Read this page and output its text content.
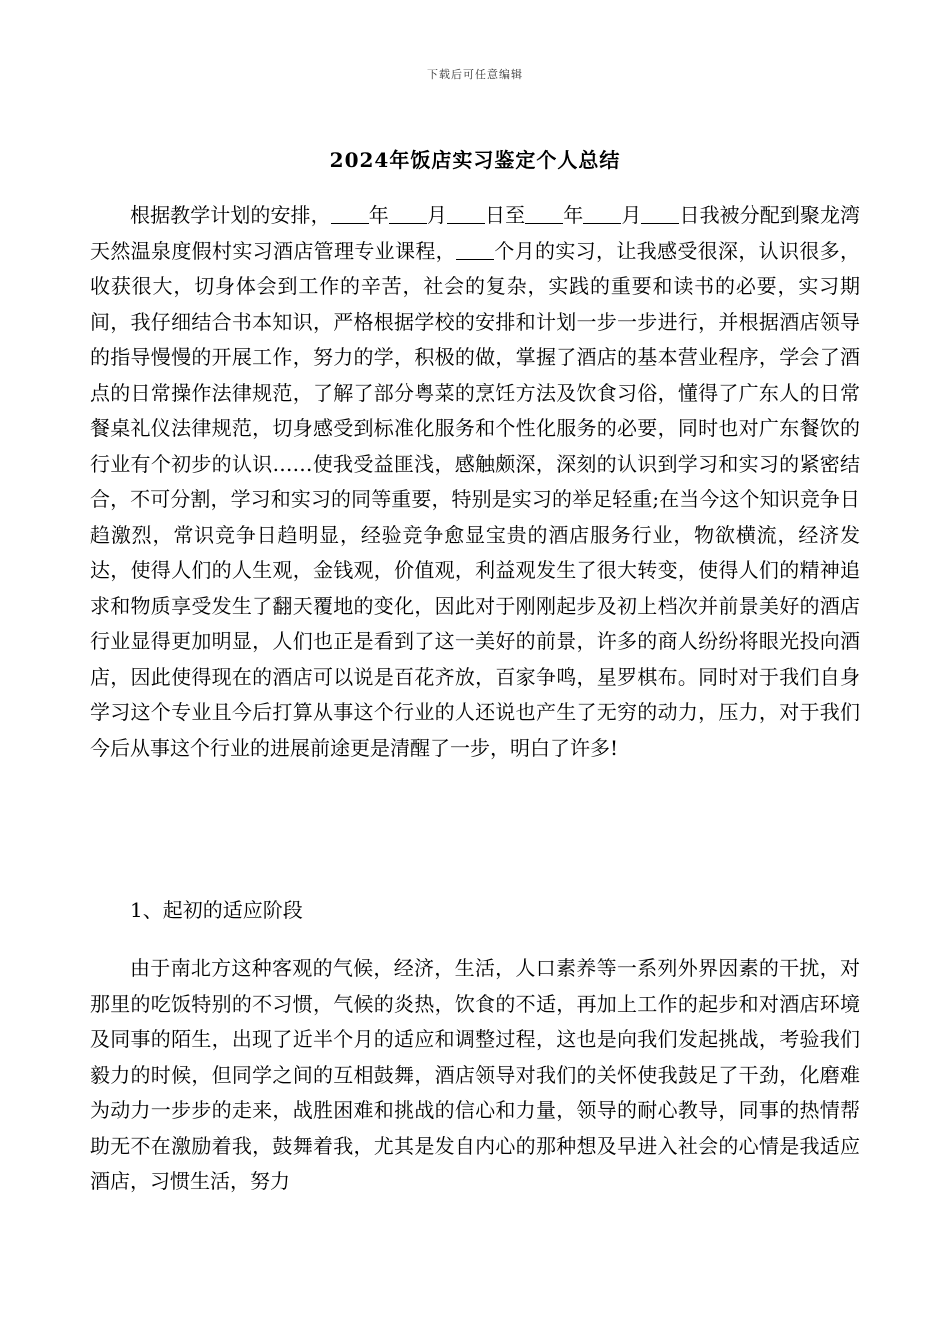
下载后可任意编辑
2024年饭店实习鉴定个人总结

根据教学计划的安排， 年 月 日至 年 月 日我被分配到聚龙湾天然温泉度假村实习酒店管理专业课程， 个月的实习，让我感受很深，认识很多，收获很大，切身体会到工作的辛苦，社会的复杂，实践的重要和读书的必要，实习期间，我仔细结合书本知识，严格根据学校的安排和计划一步一步进行，并根据酒店领导的指导慢慢的开展工作，努力的学，积极的做，掌握了酒店的基本营业程序，学会了酒点的日常操作法律规范，了解了部分粤菜的烹饪方法及饮食习俗，懂得了广东人的日常餐桌礼仪法律规范，切身感受到标准化服务和个性化服务的必要，同时也对广东餐饮的行业有个初步的认识……使我受益匪浅，感触颇深，深刻的认识到学习和实习的紧密结合，不可分割，学习和实习的同等重要，特别是实习的举足轻重;在当今这个知识竞争日趋激烈，常识竞争日趋明显，经验竞争愈显宝贵的酒店服务行业，物欲横流，经济发达，使得人们的人生观，金钱观，价值观，利益观发生了很大转变，使得人们的精神追求和物质享受发生了翻天覆地的变化，因此对于刚刚起步及初上档次并前景美好的酒店行业显得更加明显，人们也正是看到了这一美好的前景，许多的商人纷纷将眼光投向酒店，因此使得现在的酒店可以说是百花齐放，百家争鸣，星罗棋布。同时对于我们自身学习这个专业且今后打算从事这个行业的人还说也产生了无穷的动力，压力，对于我们今后从事这个行业的进展前途更是清醒了一步，明白了许多!

1、起初的适应阶段

由于南北方这种客观的气候，经济，生活，人口素养等一系列外界因素的干扰，对那里的吃饭特别的不习惯，气候的炎热，饮食的不适，再加上工作的起步和对酒店环境及同事的陌生，出现了近半个月的适应和调整过程，这也是向我们发起挑战，考验我们毅力的时候，但同学之间的互相鼓舞，酒店领导对我们的关怀使我鼓足了干劲，化磨难为动力一步步的走来，战胜困难和挑战的信心和力量，领导的耐心教导，同事的热情帮助无不在激励着我，鼓舞着我，尤其是发自内心的那种想及早进入社会的心情是我适应酒店，习惯生活，努力
